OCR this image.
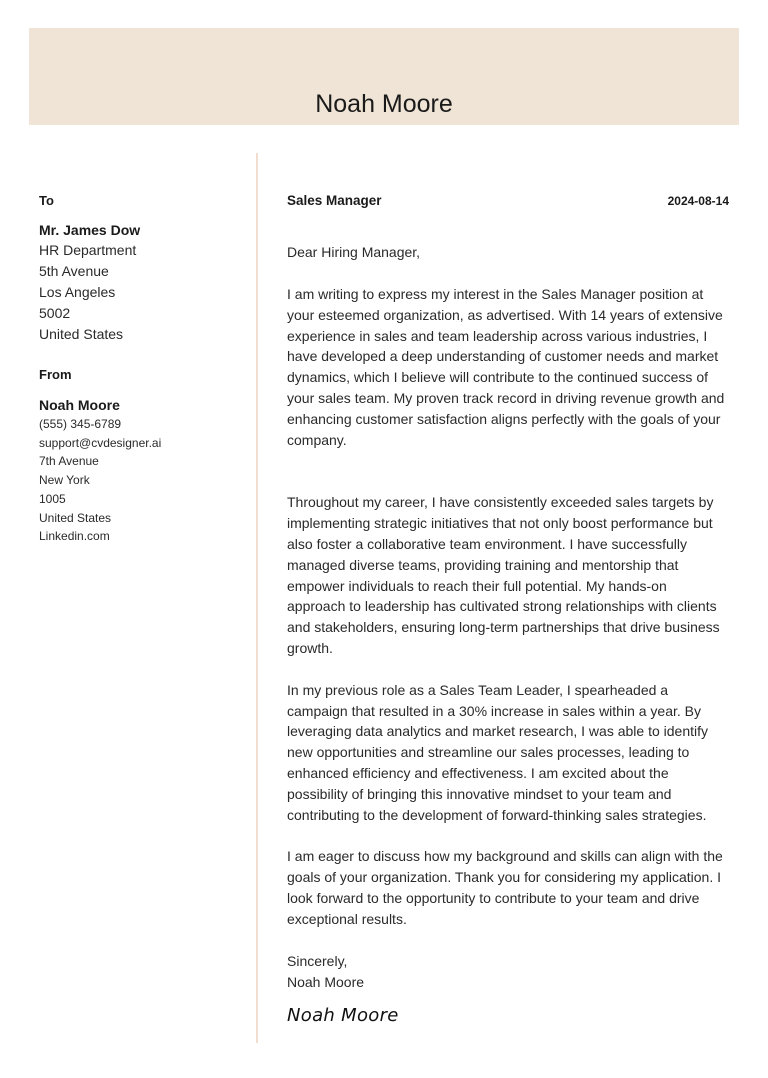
Noah Moore
To
Mr. James Dow
HR Department
5th Avenue
Los Angeles
5002
United States
From
Noah Moore
(555) 345-6789
support@cvdesigner.ai
7th Avenue
New York
1005
United States
Linkedin.com
Sales Manager	2024-08-14
Dear Hiring Manager,

I am writing to express my interest in the Sales Manager position at your esteemed organization, as advertised. With 14 years of extensive experience in sales and team leadership across various industries, I have developed a deep understanding of customer needs and market dynamics, which I believe will contribute to the continued success of your sales team. My proven track record in driving revenue growth and enhancing customer satisfaction aligns perfectly with the goals of your company.

Throughout my career, I have consistently exceeded sales targets by implementing strategic initiatives that not only boost performance but also foster a collaborative team environment. I have successfully managed diverse teams, providing training and mentorship that empower individuals to reach their full potential. My hands-on approach to leadership has cultivated strong relationships with clients and stakeholders, ensuring long-term partnerships that drive business growth.

In my previous role as a Sales Team Leader, I spearheaded a campaign that resulted in a 30% increase in sales within a year. By leveraging data analytics and market research, I was able to identify new opportunities and streamline our sales processes, leading to enhanced efficiency and effectiveness. I am excited about the possibility of bringing this innovative mindset to your team and contributing to the development of forward-thinking sales strategies.

I am eager to discuss how my background and skills can align with the goals of your organization. Thank you for considering my application. I look forward to the opportunity to contribute to your team and drive exceptional results.

Sincerely,
Noah Moore
Noah Moore
